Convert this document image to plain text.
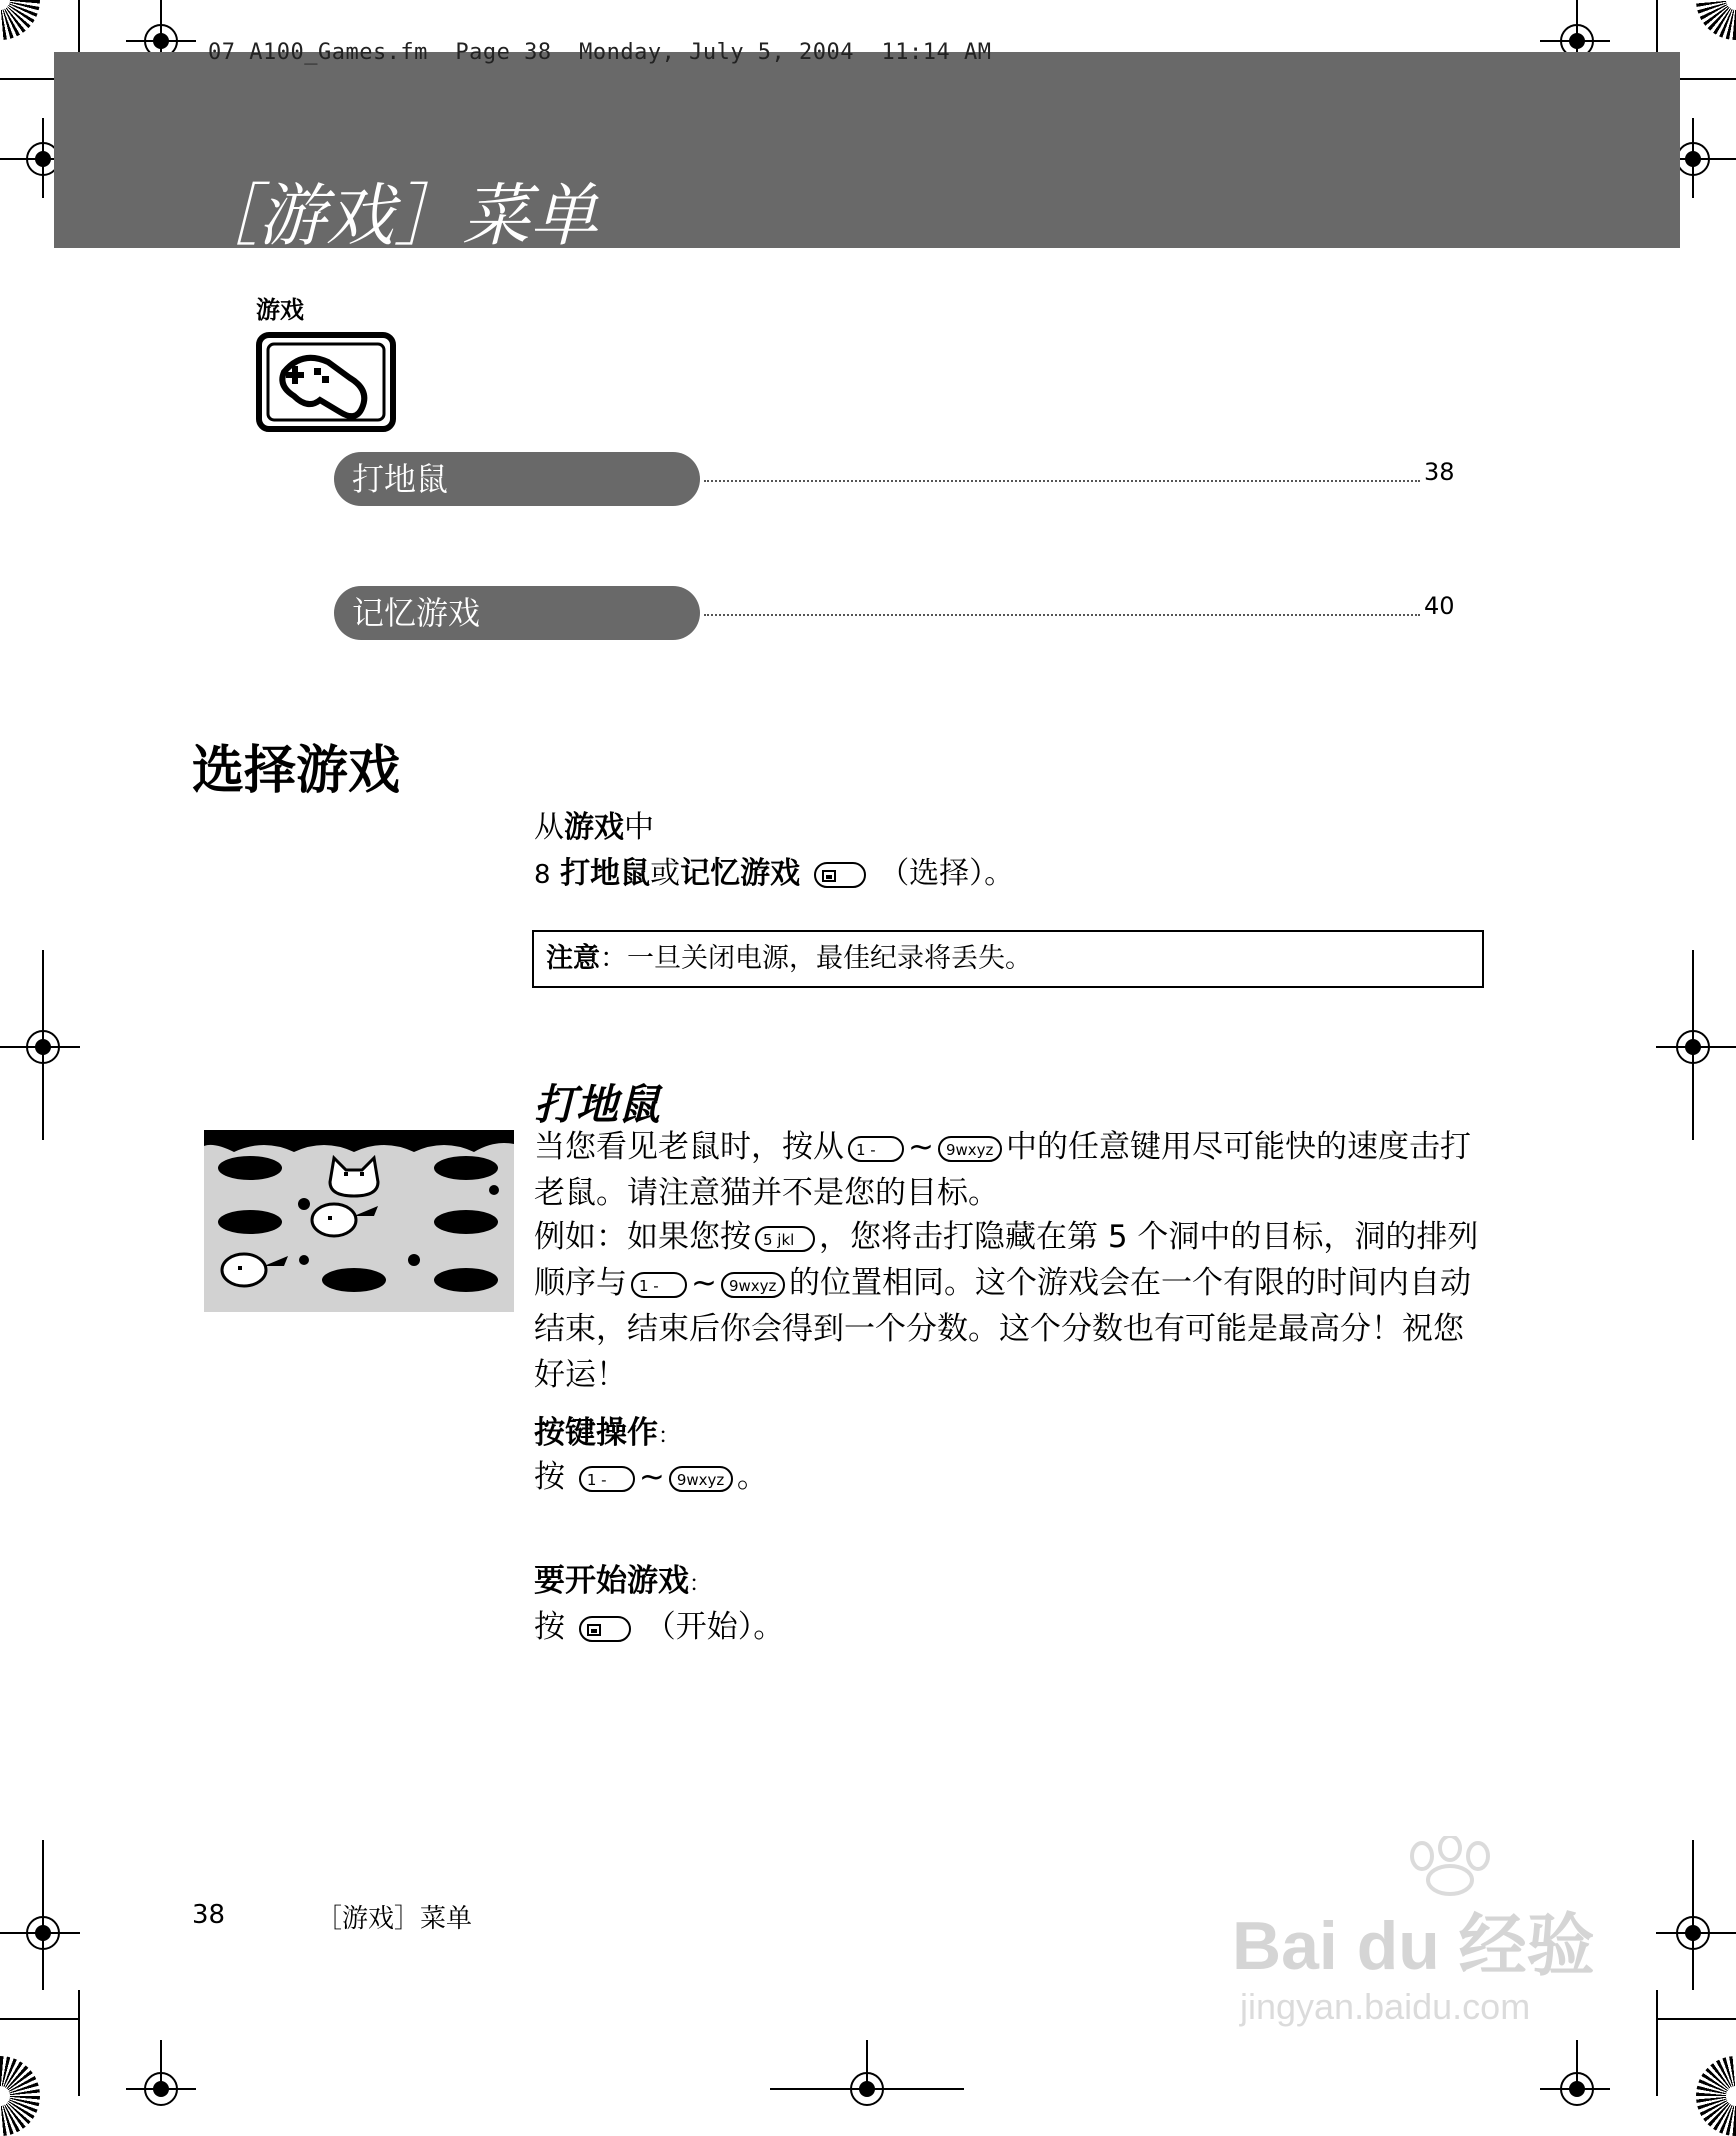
07 A100_Games.fm  Page 38  Monday, July 5, 2004  11:14 AM
［游戏］菜单
游戏
打地鼠	38
记忆游戏	40
选择游戏
从游戏中
8 打地鼠或记忆游戏	（选择）。
注意：一旦关闭电源，最佳纪录将丢失。
打地鼠
当您看见老鼠时，按从 1 - ~ 9wxyz 中的任意键用尽可能快的速度击打老鼠。请注意猫并不是您的目标。
例如：如果您按 5 jkl ，您将击打隐藏在第 5 个洞中的目标，洞的排列顺序与 1 - ~ 9wxyz 的位置相同。这个游戏会在一个有限的时间内自动结束，结束后你会得到一个分数。这个分数也有可能是最高分！祝您好运！
按键操作：
按 1 - ~ 9wxyz 。
要开始游戏：
按	（开始）。
38	［游戏］菜单	Bai du 经验
jingyan.baidu.com
